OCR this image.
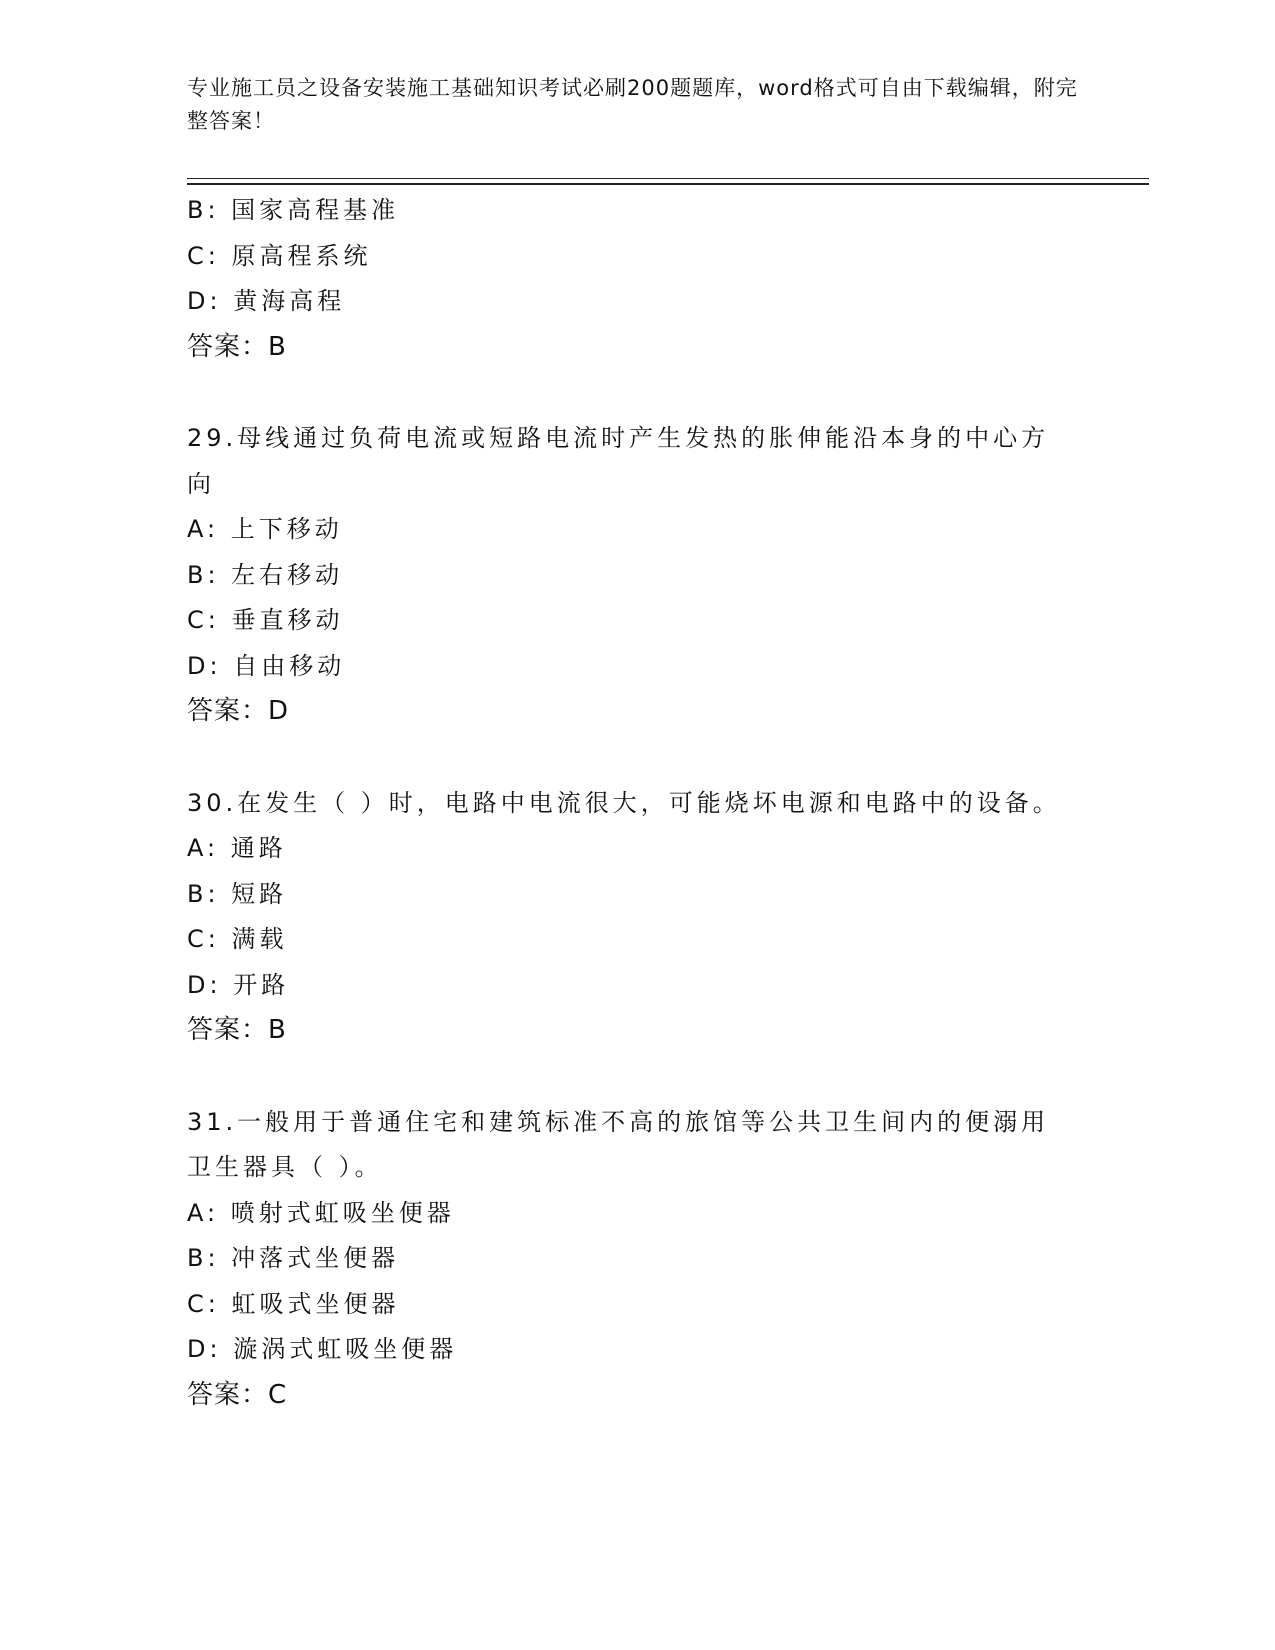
专业施工员之设备安装施工基础知识考试必刷200题题库，word格式可自由下载编辑，附完整答案！

B: 国家高程基准

C: 原高程系统

D: 黄海高程

答案：B

29.母线通过负荷电流或短路电流时产生发热的胀伸能沿本身的中心方向

A: 上下移动

B: 左右移动

C: 垂直移动

D: 自由移动

答案：D

30.在发生（ ）时，电路中电流很大，可能烧坏电源和电路中的设备。

A: 通路

B: 短路

C: 满载

D: 开路

答案：B

31.一般用于普通住宅和建筑标准不高的旅馆等公共卫生间内的便溺用卫生器具（ ）。

A: 喷射式虹吸坐便器

B: 冲落式坐便器

C: 虹吸式坐便器

D: 漩涡式虹吸坐便器

答案：C
